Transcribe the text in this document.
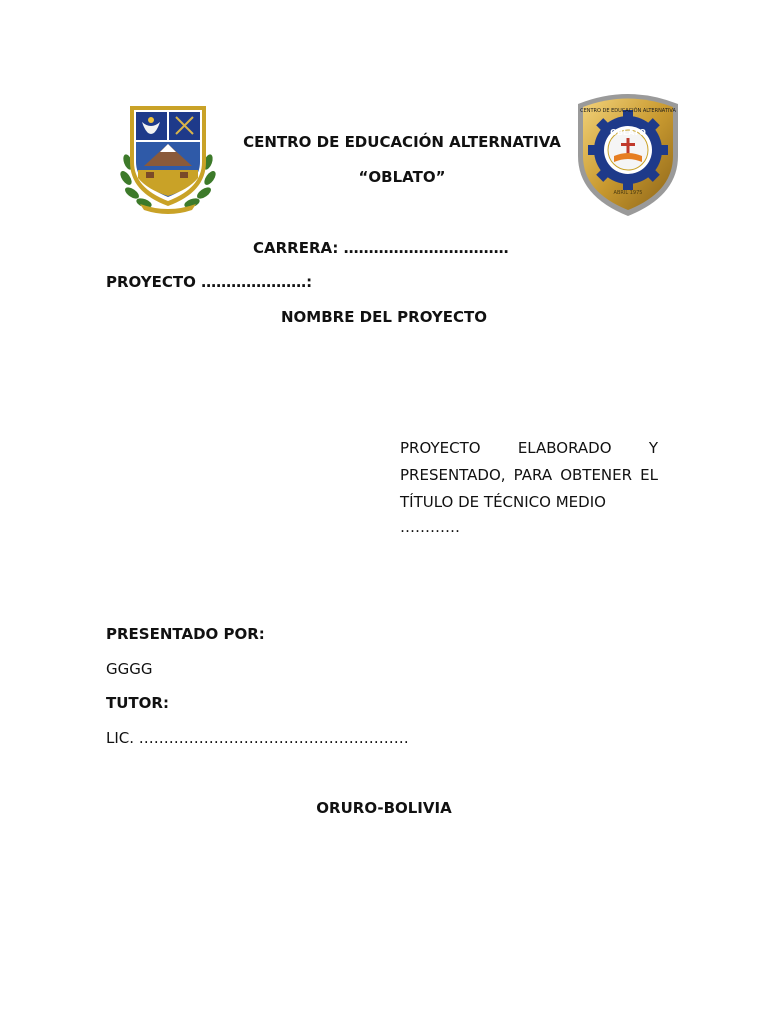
CENTRO DE EDUCACIÓN ALTERNATIVA
OBLATO
ABRIL 1975
CENTRO DE EDUCACIÓN ALTERNATIVA
“OBLATO”
CARRERA: ……………………………
PROYECTO …………………:
NOMBRE DEL PROYECTO
PROYECTO ELABORADO Y PRESENTADO, PARA OBTENER EL TÍTULO DE TÉCNICO MEDIO
…………
PRESENTADO POR:
GGGG
TUTOR:
LIC. ………………………………………………
ORURO-BOLIVIA
